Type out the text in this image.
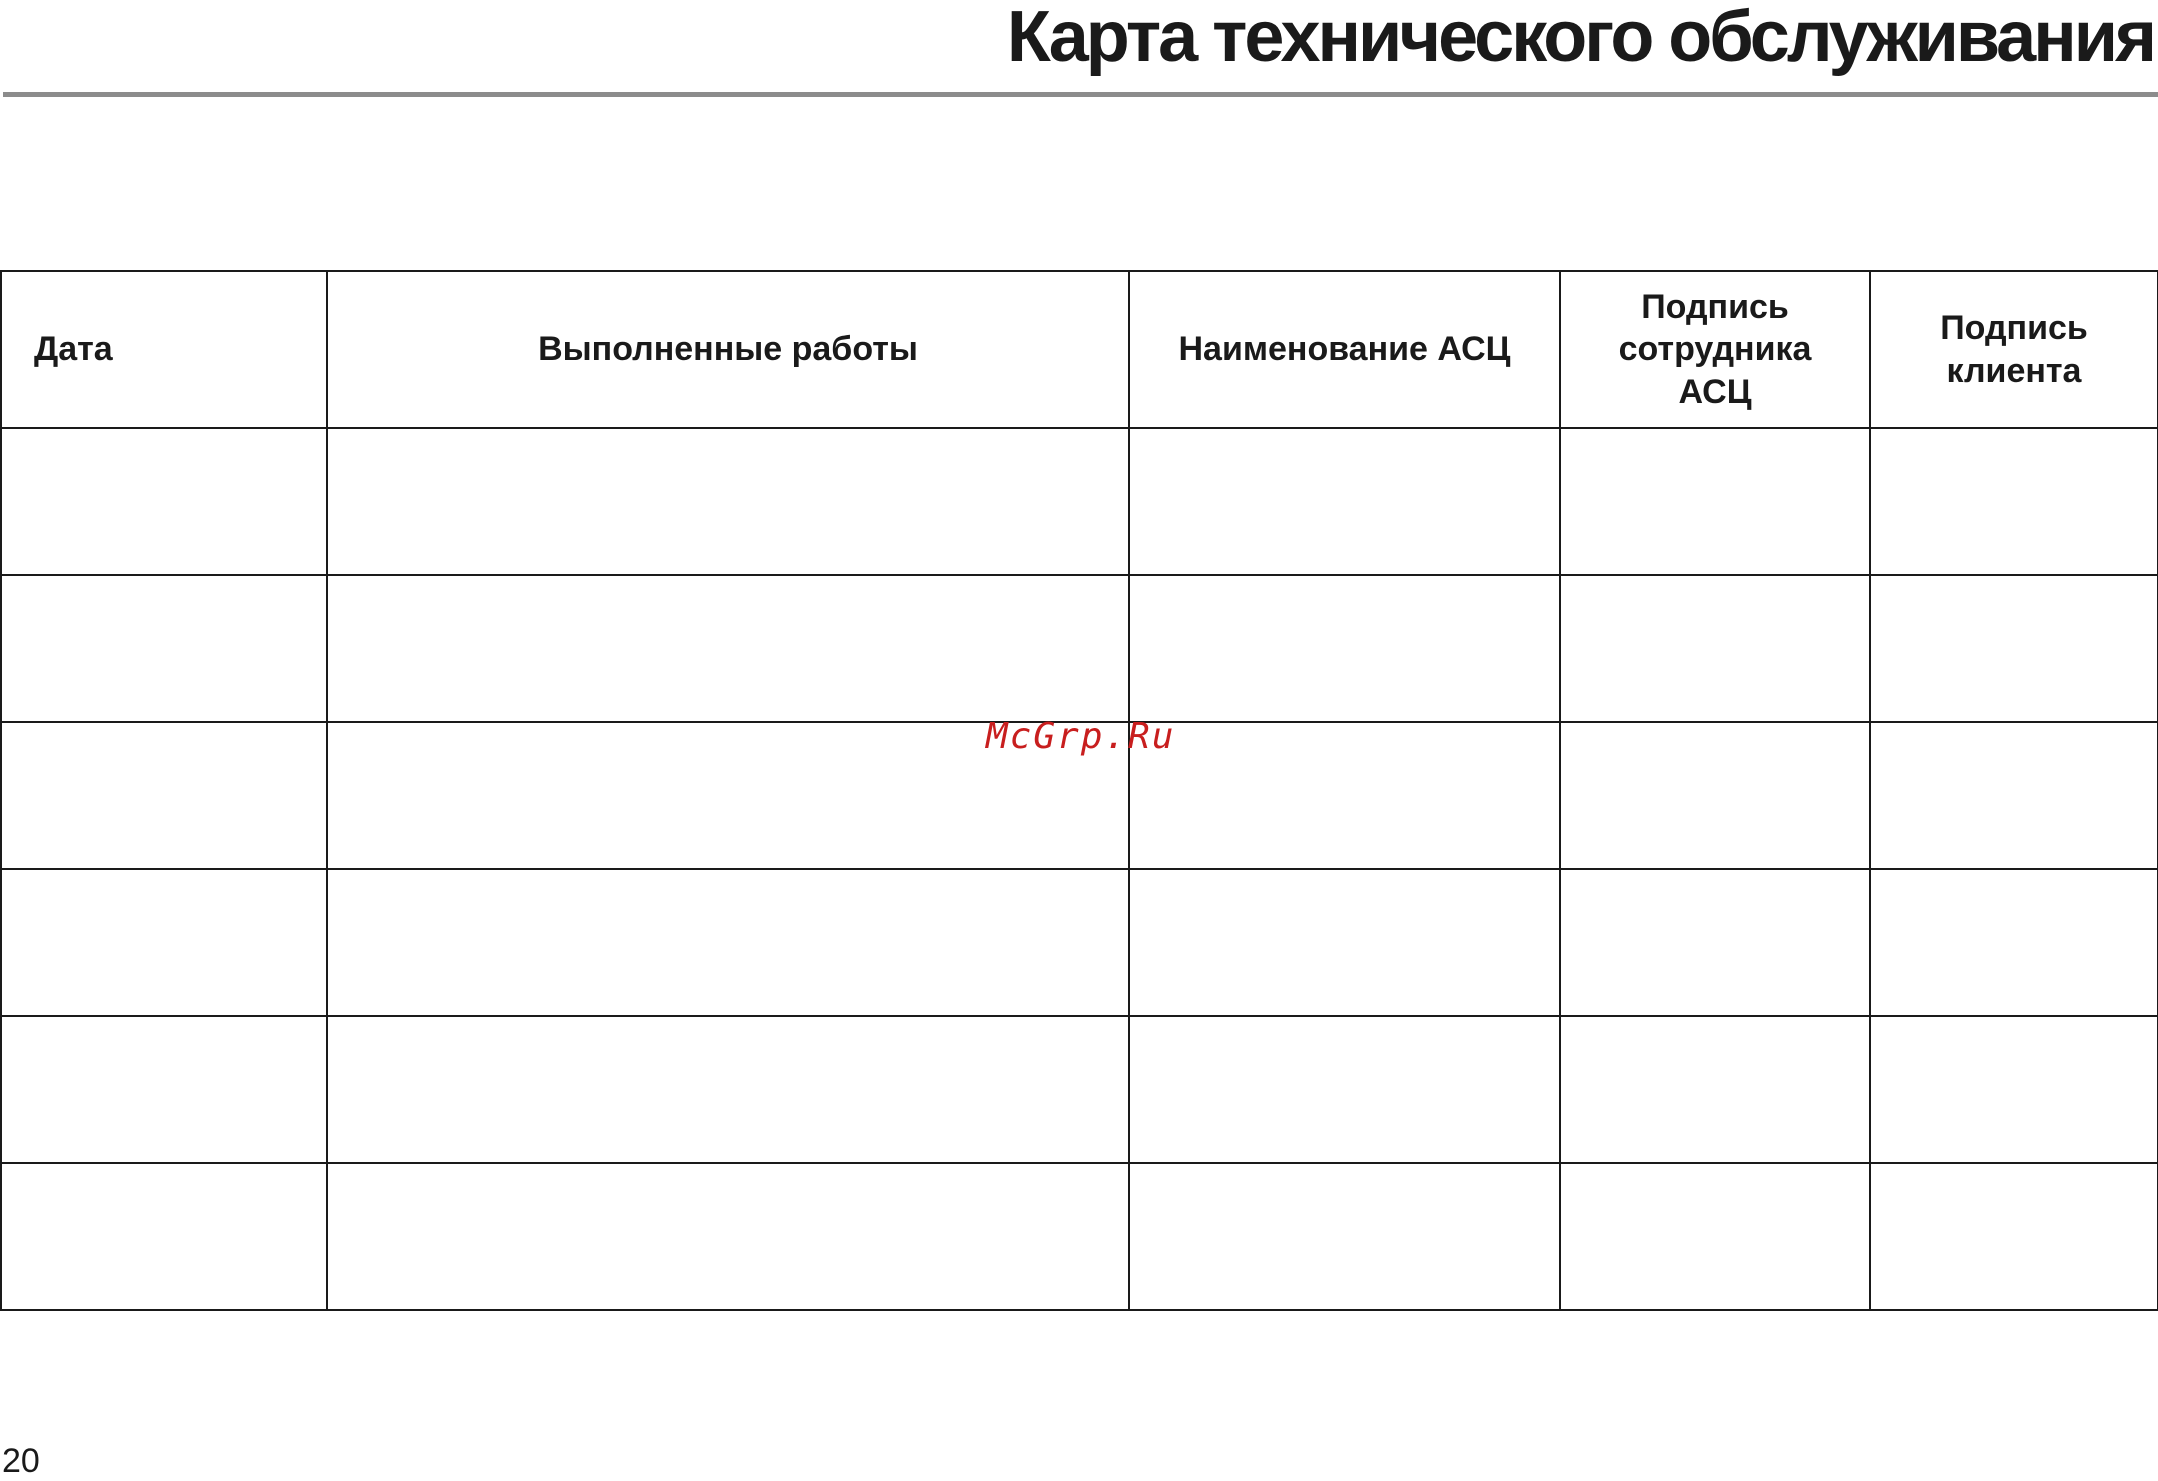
Карта технического обслуживания
Дата	Выполненные работы	Наименование АСЦ	Подпись сотрудника АСЦ	Подпись клиента

McGrp.Ru
20
